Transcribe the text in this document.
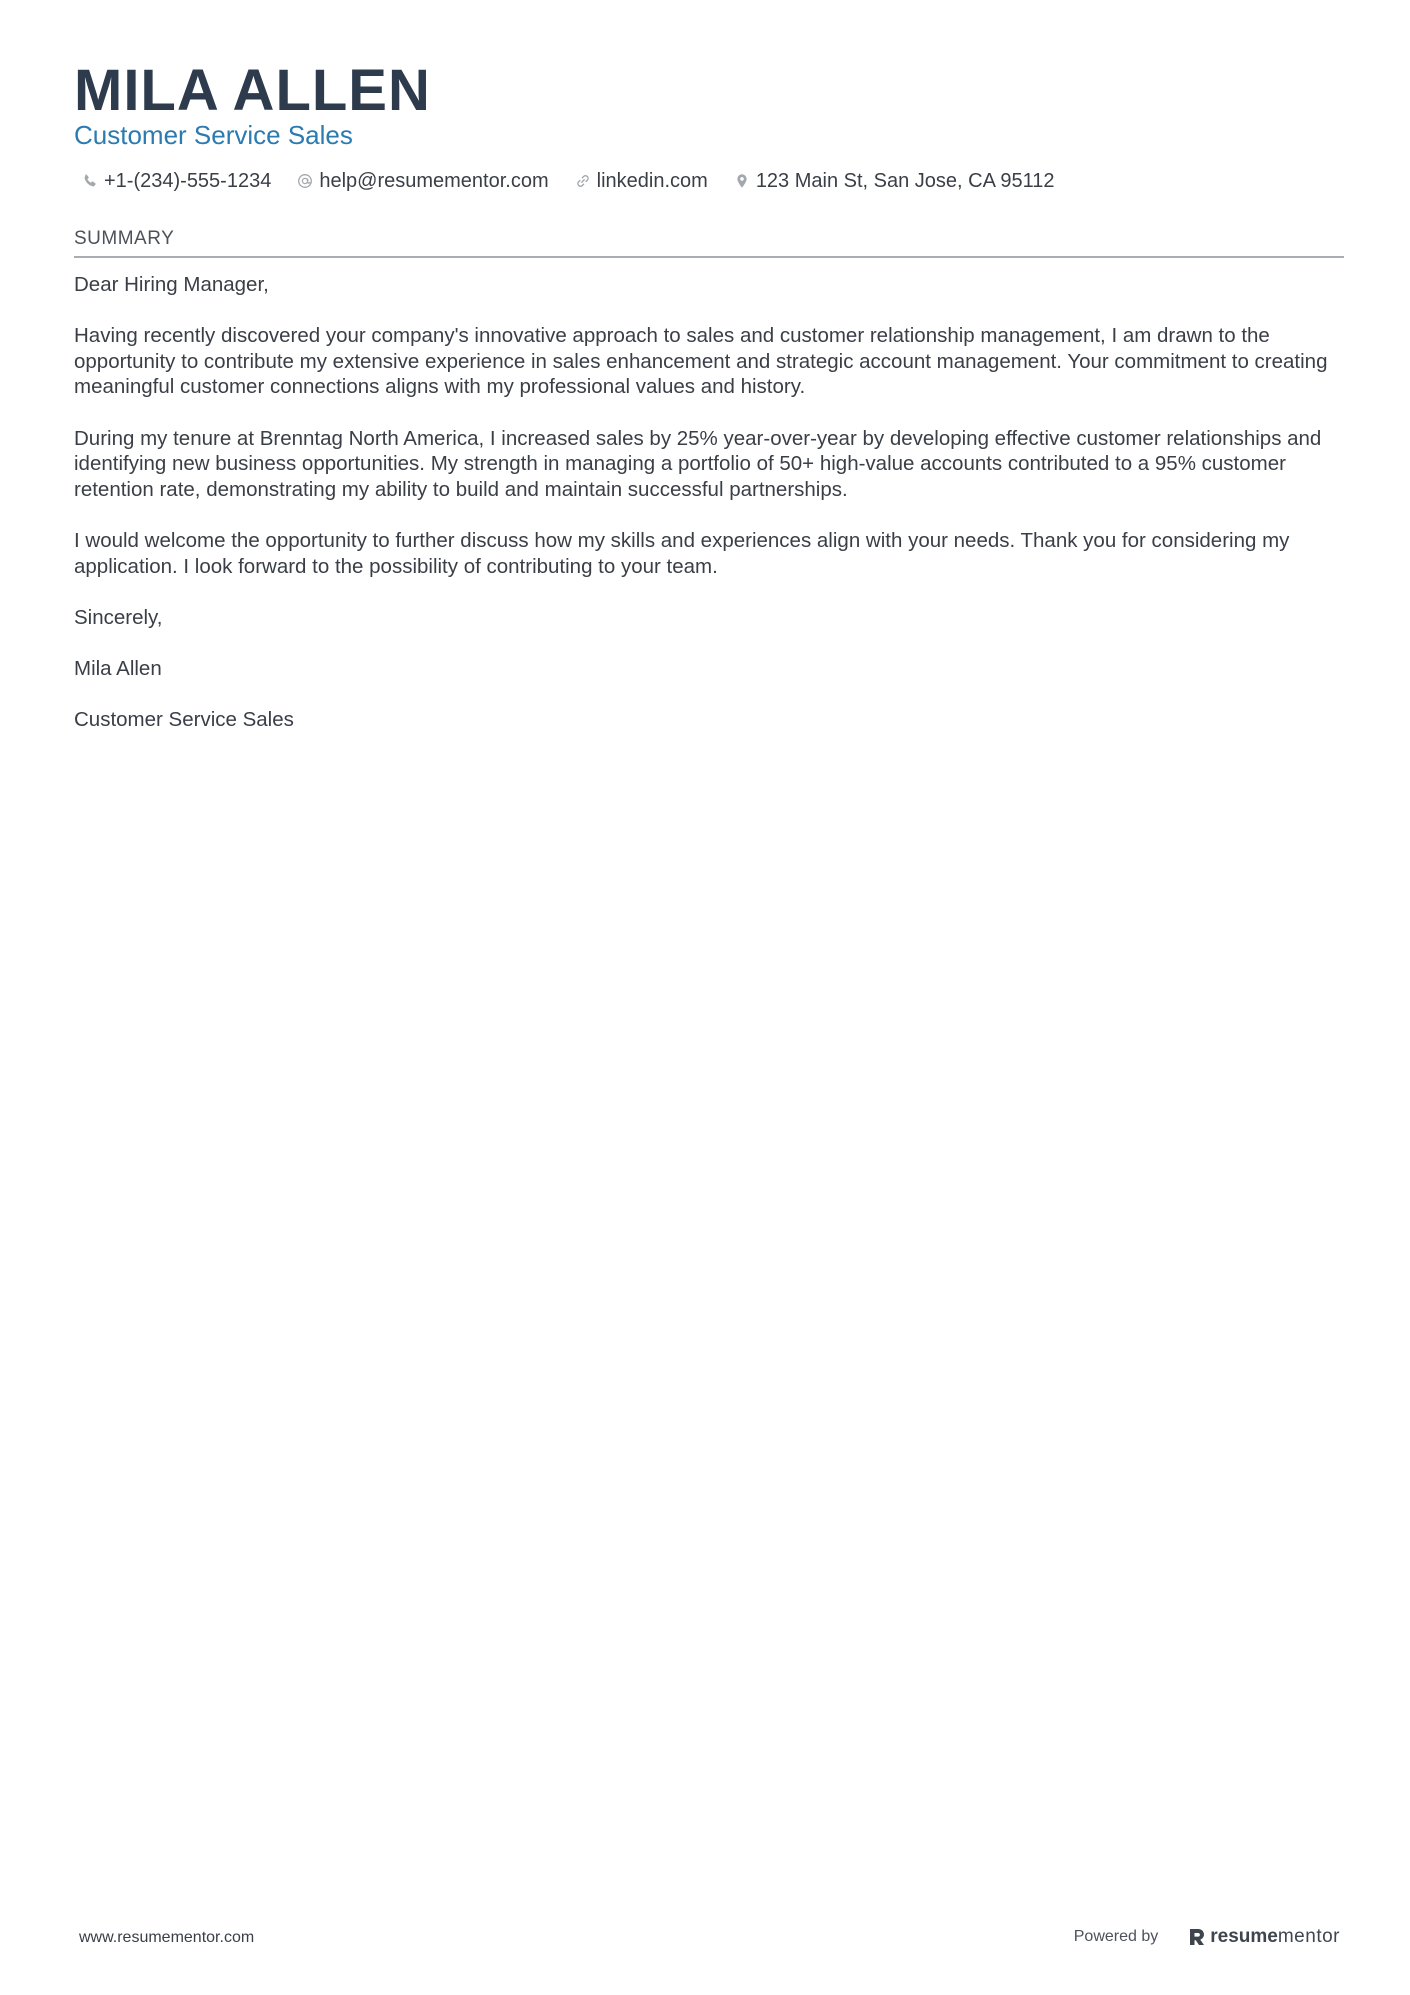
MILA ALLEN
Customer Service Sales
+1-(234)-555-1234 help@resumementor.com linkedin.com 123 Main St, San Jose, CA 95112
SUMMARY

Dear Hiring Manager,

Having recently discovered your company's innovative approach to sales and customer relationship management, I am drawn to the opportunity to contribute my extensive experience in sales enhancement and strategic account management. Your commitment to creating meaningful customer connections aligns with my professional values and history.

During my tenure at Brenntag North America, I increased sales by 25% year-over-year by developing effective customer relationships and identifying new business opportunities. My strength in managing a portfolio of 50+ high-value accounts contributed to a 95% customer retention rate, demonstrating my ability to build and maintain successful partnerships.

I would welcome the opportunity to further discuss how my skills and experiences align with your needs. Thank you for considering my application. I look forward to the possibility of contributing to your team.

Sincerely,

Mila Allen

Customer Service Sales

www.resumementor.com	Powered by	resume mentor
